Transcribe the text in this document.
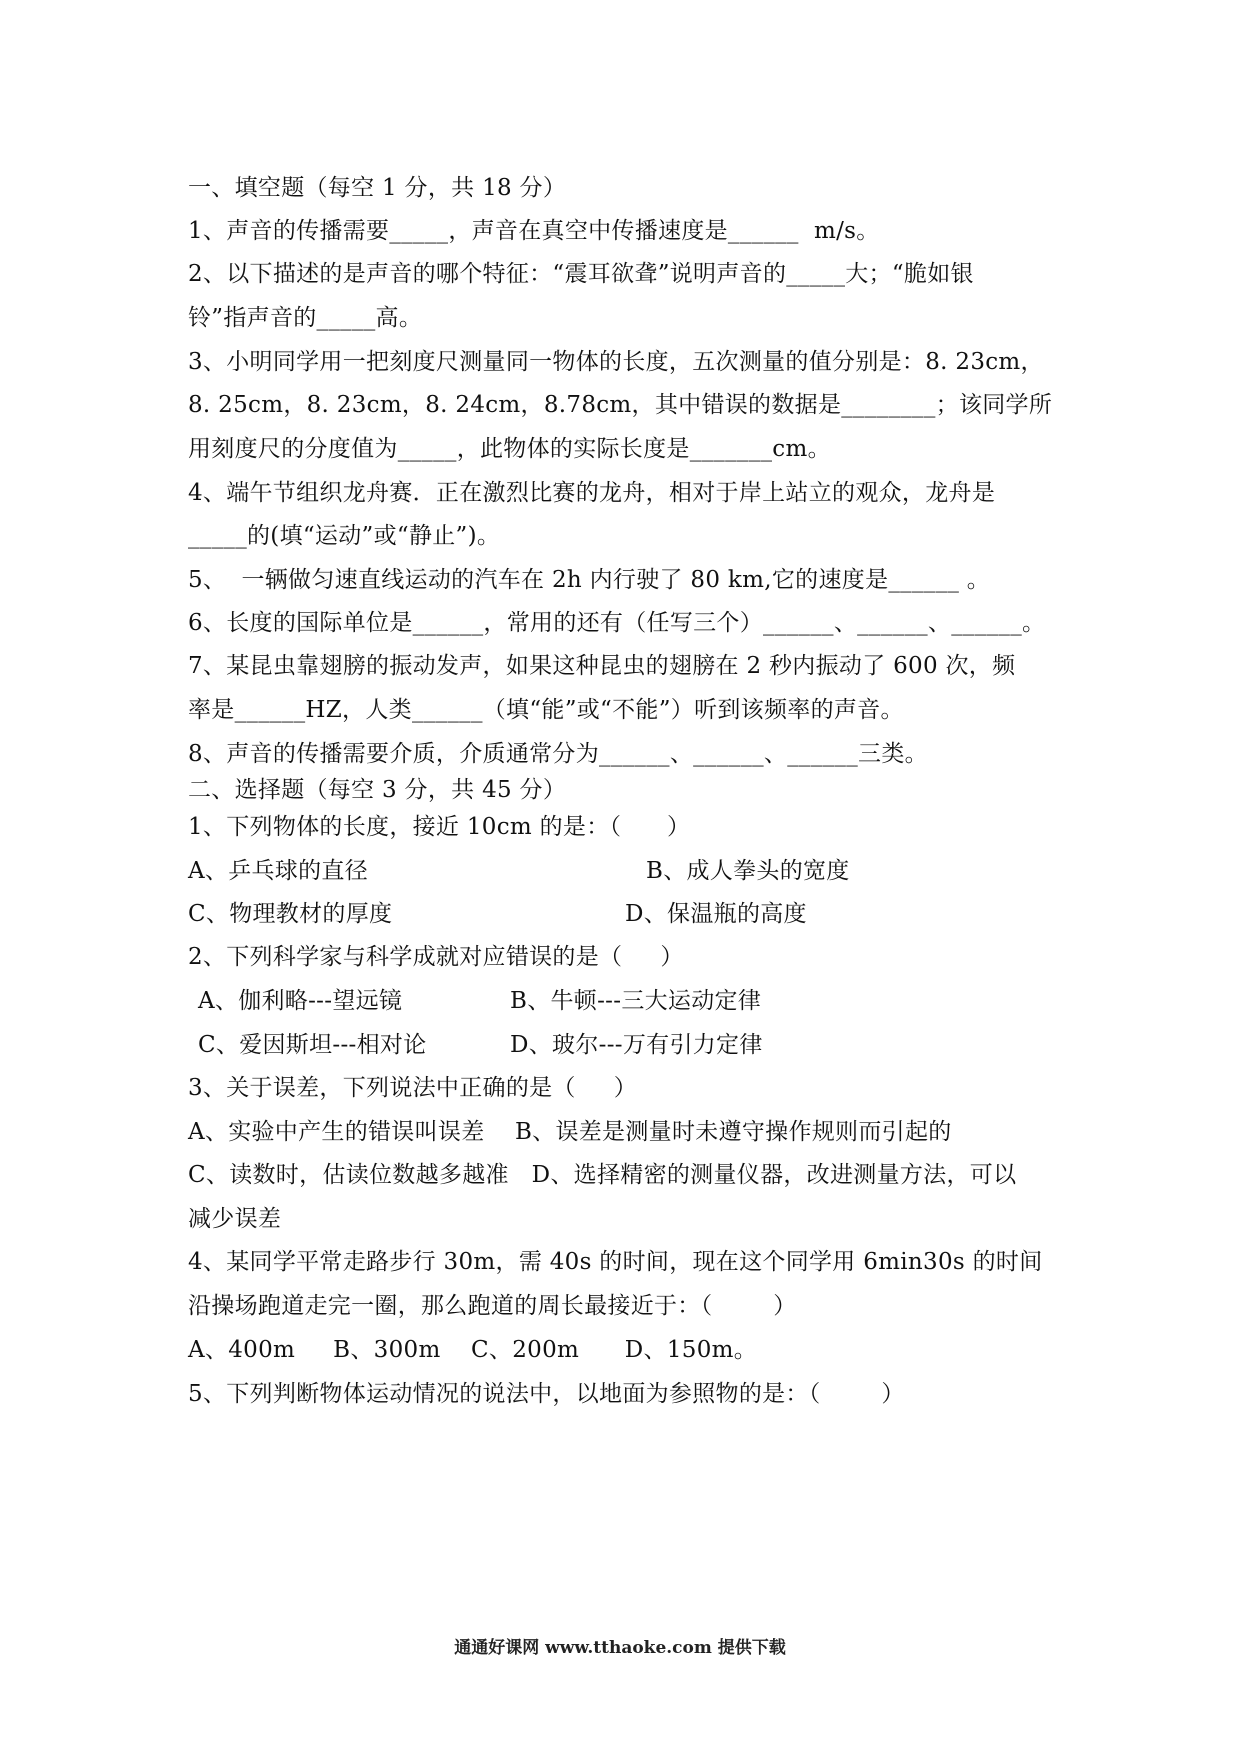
一、填空题（每空 1 分，共 18 分）
1、声音的传播需要_____，声音在真空中传播速度是______  m/s。
2、以下描述的是声音的哪个特征：“震耳欲聋”说明声音的_____大；“脆如银
铃”指声音的_____高。
3、小明同学用一把刻度尺测量同一物体的长度，五次测量的值分别是：8. 23cm，
8. 25cm，8. 23cm，8. 24cm，8.78cm，其中错误的数据是________；该同学所
用刻度尺的分度值为_____，此物体的实际长度是_______cm。
4、端午节组织龙舟赛．正在激烈比赛的龙舟，相对于岸上站立的观众，龙舟是
_____的(填“运动”或“静止”)。
5、  一辆做匀速直线运动的汽车在 2h 内行驶了 80 km,它的速度是______ 。
6、长度的国际单位是______，常用的还有（任写三个）______、______、______。
7、某昆虫靠翅膀的振动发声，如果这种昆虫的翅膀在 2 秒内振动了 600 次，频
率是______HZ，人类______（填“能”或“不能”）听到该频率的声音。
8、声音的传播需要介质，介质通常分为______、______、______三类。
二、选择题（每空 3 分，共 45 分）
1、下列物体的长度，接近 10cm 的是：（      ）
A、乒乓球的直径	B、成人拳头的宽度
C、物理教材的厚度	D、保温瓶的高度
2、下列科学家与科学成就对应错误的是（     ）
A、伽利略---望远镜	B、牛顿---三大运动定律
C、爱因斯坦---相对论	D、玻尔---万有引力定律
3、关于误差，下列说法中正确的是（     ）
A、实验中产生的错误叫误差    B、误差是测量时未遵守操作规则而引起的
C、读数时，估读位数越多越准   D、选择精密的测量仪器，改进测量方法，可以
减少误差
4、某同学平常走路步行 30m，需 40s 的时间，现在这个同学用 6min30s 的时间
沿操场跑道走完一圈，那么跑道的周长最接近于：（        ）
A、400m     B、300m    C、200m      D、150m。
5、下列判断物体运动情况的说法中，以地面为参照物的是：（        ）
通通好课网 www.tthaoke.com 提供下载
